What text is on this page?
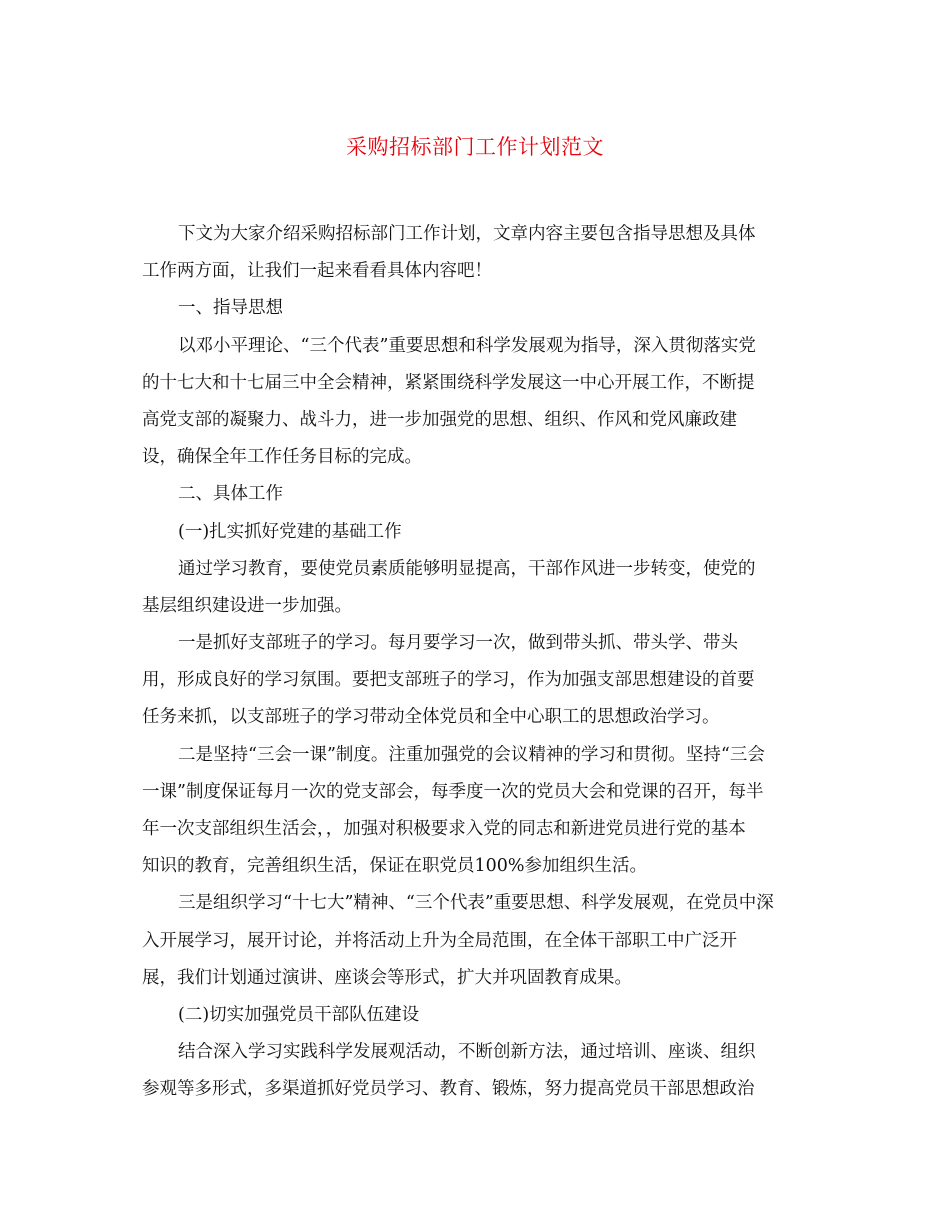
采购招标部门工作计划范文
下文为大家介绍采购招标部门工作计划，文章内容主要包含指导思想及具体
工作两方面，让我们一起来看看具体内容吧！
一、指导思想
以邓小平理论、“三个代表”重要思想和科学发展观为指导，深入贯彻落实党
的十七大和十七届三中全会精神，紧紧围绕科学发展这一中心开展工作，不断提
高党支部的凝聚力、战斗力，进一步加强党的思想、组织、作风和党风廉政建
设，确保全年工作任务目标的完成。
二、具体工作
(一)扎实抓好党建的基础工作
通过学习教育，要使党员素质能够明显提高，干部作风进一步转变，使党的
基层组织建设进一步加强。
一是抓好支部班子的学习。每月要学习一次，做到带头抓、带头学、带头
用，形成良好的学习氛围。要把支部班子的学习，作为加强支部思想建设的首要
任务来抓，以支部班子的学习带动全体党员和全中心职工的思想政治学习。
二是坚持“三会一课”制度。注重加强党的会议精神的学习和贯彻。坚持“三会
一课”制度保证每月一次的党支部会，每季度一次的党员大会和党课的召开，每半
年一次支部组织生活会，，加强对积极要求入党的同志和新进党员进行党的基本
知识的教育，完善组织生活，保证在职党员100%参加组织生活。
三是组织学习“十七大”精神、“三个代表”重要思想、科学发展观，在党员中深
入开展学习，展开讨论，并将活动上升为全局范围，在全体干部职工中广泛开
展，我们计划通过演讲、座谈会等形式，扩大并巩固教育成果。
(二)切实加强党员干部队伍建设
结合深入学习实践科学发展观活动，不断创新方法，通过培训、座谈、组织
参观等多形式，多渠道抓好党员学习、教育、锻炼，努力提高党员干部思想政治
